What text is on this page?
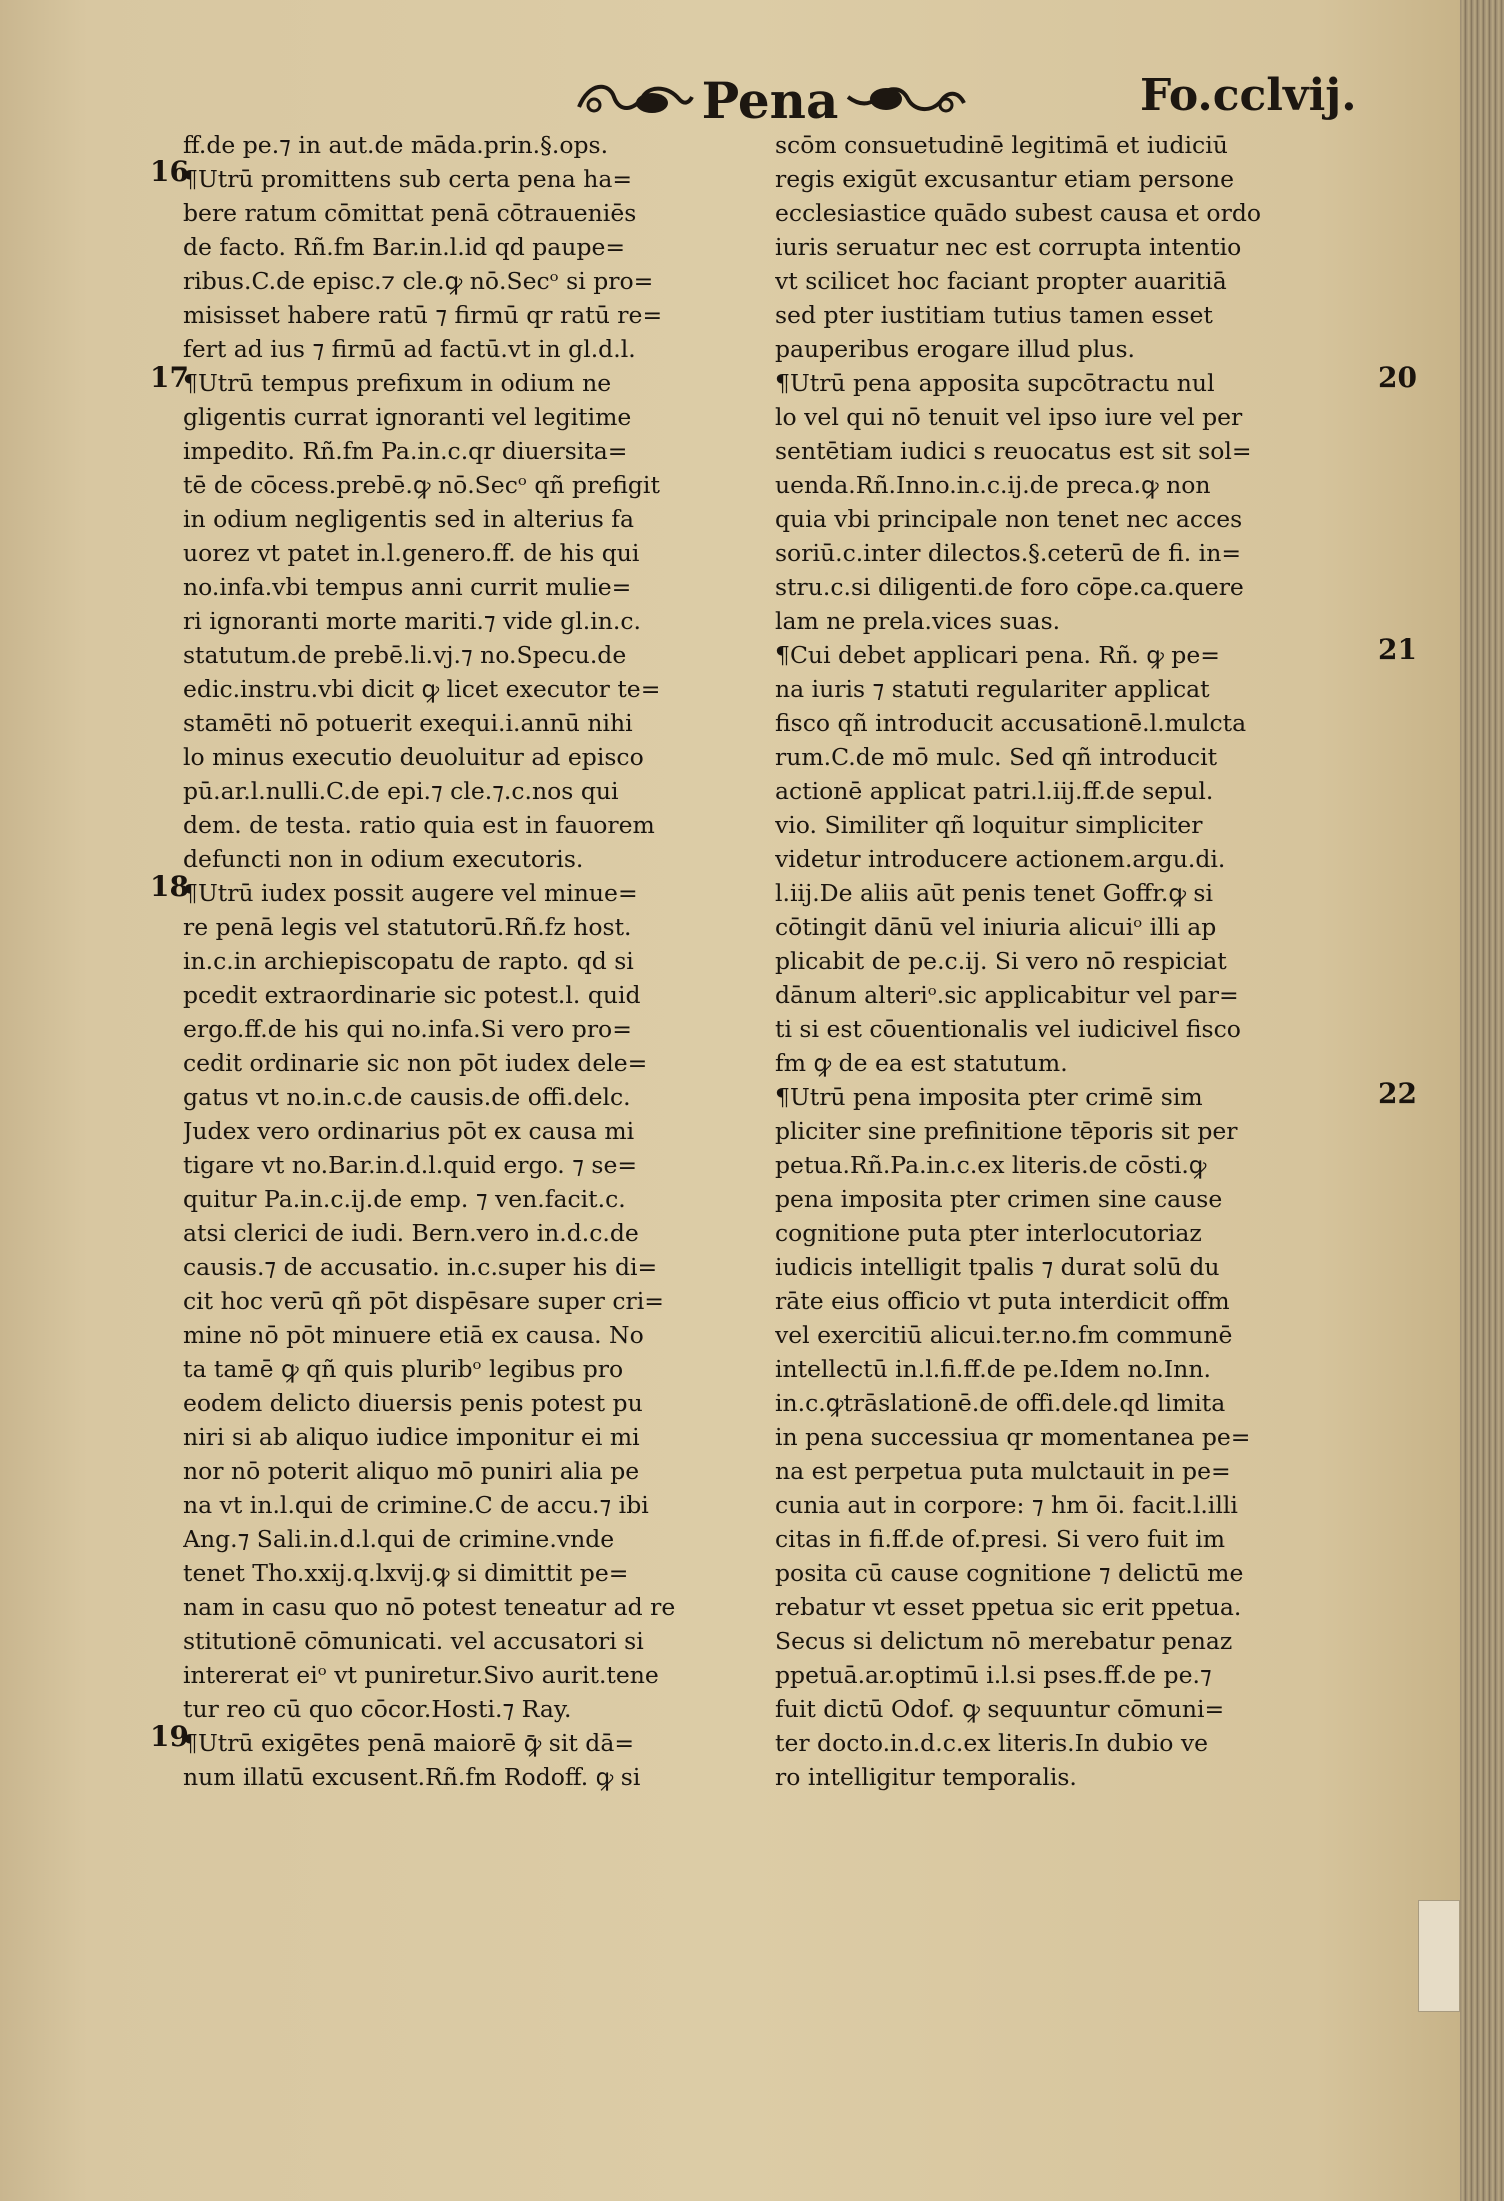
Pena	Fo.cclvij.
16
17
18
19
20
21
22
ff.de pe.⁊ in aut.de māda.prin.§.ops.
¶Utrū promittens sub certa pena ha=
bere ratum cōmittat penā cōtraueniēs
de facto. Rñ.fm Bar.in.l.id qd paupe=
ribus.C.de episc.⁊ cle.ꝙ nō.Secᵒ si pro=
misisset habere ratū ⁊ firmū qr ratū re=
fert ad ius ⁊ firmū ad factū.vt in gl.d.l.
¶Utrū tempus prefixum in odium ne
gligentis currat ignoranti vel legitime
impedito. Rñ.fm Pa.in.c.qr diuersita=
tē de cōcess.prebē.ꝙ nō.Secᵒ qñ prefigit
in odium negligentis sed in alterius fa
uorez vt patet in.l.genero.ff. de his qui
no.infa.vbi tempus anni currit mulie=
ri ignoranti morte mariti.⁊ vide gl.in.c.
statutum.de prebē.li.vj.⁊ no.Specu.de
edic.instru.vbi dicit ꝙ licet executor te=
stamēti nō potuerit exequi.i.annū nihi
lo minus executio deuoluitur ad episco
pū.ar.l.nulli.C.de epi.⁊ cle.⁊.c.nos qui
dem. de testa. ratio quia est in fauorem
defuncti non in odium executoris.
¶Utrū iudex possit augere vel minue=
re penā legis vel statutorū.Rñ.fz host.
in.c.in archiepiscopatu de rapto. qd si
pcedit extraordinarie sic potest.l. quid
ergo.ff.de his qui no.infa.Si vero pro=
cedit ordinarie sic non pōt iudex dele=
gatus vt no.in.c.de causis.de offi.delc.
Judex vero ordinarius pōt ex causa mi
tigare vt no.Bar.in.d.l.quid ergo. ⁊ se=
quitur Pa.in.c.ij.de emp. ⁊ ven.facit.c.
atsi clerici de iudi. Bern.vero in.d.c.de
causis.⁊ de accusatio. in.c.super his di=
cit hoc verū qñ pōt dispēsare super cri=
mine nō pōt minuere etiā ex causa. No
ta tamē ꝙ qñ quis pluribᵒ legibus pro
eodem delicto diuersis penis potest pu
niri si ab aliquo iudice imponitur ei mi
nor nō poterit aliquo mō puniri alia pe
na vt in.l.qui de crimine.C de accu.⁊ ibi
Ang.⁊ Sali.in.d.l.qui de crimine.vnde
tenet Tho.xxij.q.lxvij.ꝙ si dimittit pe=
nam in casu quo nō potest teneatur ad re
stitutionē cōmunicati. vel accusatori si
intererat eiᵒ vt puniretur.Sivo aurit.tene
tur reo cū quo cōcor.Hosti.⁊ Ray.
¶Utrū exigētes penā maiorē ꝙ̄ sit dā=
num illatū excusent.Rñ.fm Rodoff. ꝙ si
scōm consuetudinē legitimā et iudiciū
regis exigūt excusantur etiam persone
ecclesiastice quādo subest causa et ordo
iuris seruatur nec est corrupta intentio
vt scilicet hoc faciant propter auaritiā
sed pter iustitiam tutius tamen esset
pauperibus erogare illud plus.
¶Utrū pena apposita supcōtractu nul
lo vel qui nō tenuit vel ipso iure vel per
sentētiam iudici s reuocatus est sit sol=
uenda.Rñ.Inno.in.c.ij.de preca.ꝙ non
quia vbi principale non tenet nec acces
soriū.c.inter dilectos.§.ceterū de fi. in=
stru.c.si diligenti.de foro cōpe.ca.quere
lam ne prela.vices suas.
¶Cui debet applicari pena. Rñ. ꝙ pe=
na iuris ⁊ statuti regulariter applicat
fisco qñ introducit accusationē.l.mulcta
rum.C.de mō mulc. Sed qñ introducit
actionē applicat patri.l.iij.ff.de sepul.
vio. Similiter qñ loquitur simpliciter
videtur introducere actionem.argu.di.
l.iij.De aliis aūt penis tenet Goffr.ꝙ si
cōtingit dānū vel iniuria alicuiᵒ illi ap
plicabit de pe.c.ij. Si vero nō respiciat
dānum alteriᵒ.sic applicabitur vel par=
ti si est cōuentionalis vel iudicivel fisco
fm ꝙ de ea est statutum.
¶Utrū pena imposita pter crimē sim
pliciter sine prefinitione tēporis sit per
petua.Rñ.Pa.in.c.ex literis.de cōsti.ꝙ
pena imposita pter crimen sine cause
cognitione puta pter interlocutoriaz
iudicis intelligit tpalis ⁊ durat solū du
rāte eius officio vt puta interdicit offm
vel exercitiū alicui.ter.no.fm communē
intellectū in.l.fi.ff.de pe.Idem no.Inn.
in.c.ꝙtrāslationē.de offi.dele.qd limita
in pena successiua qr momentanea pe=
na est perpetua puta mulctauit in pe=
cunia aut in corpore: ⁊ hm ōi. facit.l.illi
citas in fi.ff.de of.presi. Si vero fuit im
posita cū cause cognitione ⁊ delictū me
rebatur vt esset ppetua sic erit ppetua.
Secus si delictum nō merebatur penaz
ppetuā.ar.optimū i.l.si pses.ff.de pe.⁊
fuit dictū Odof. ꝙ sequuntur cōmuni=
ter docto.in.d.c.ex literis.In dubio ve
ro intelligitur temporalis.
